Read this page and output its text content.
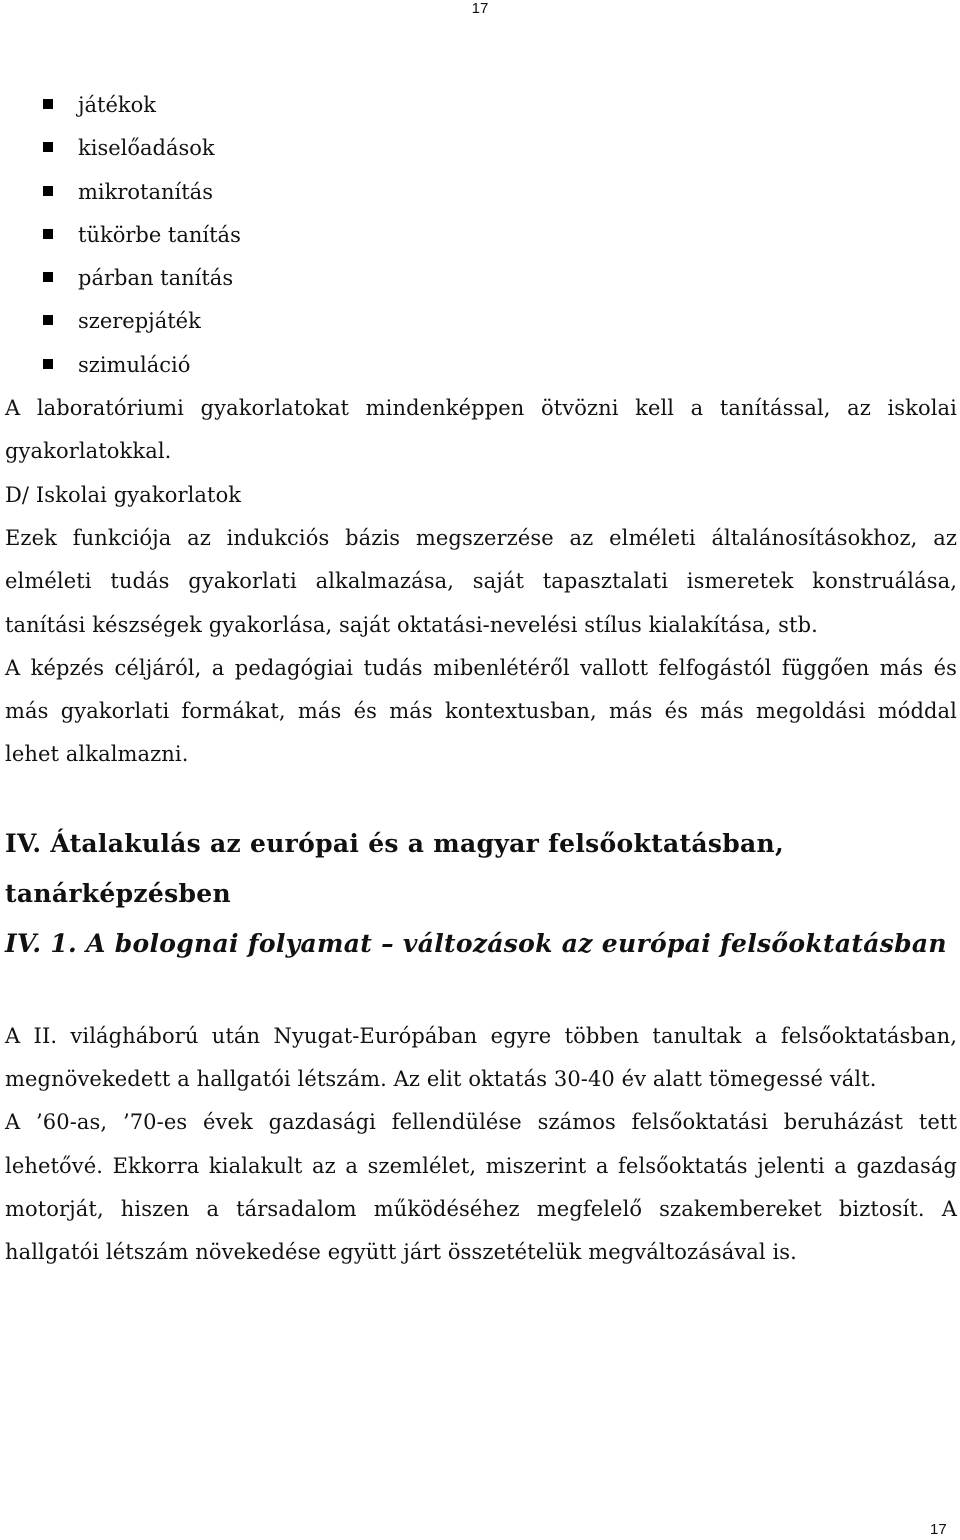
17
játékok
kiselőadások
mikrotanítás
tükörbe tanítás
párban tanítás
szerepjáték
szimuláció

A laboratóriumi gyakorlatokat mindenképpen ötvözni kell a tanítással, az iskolai gyakorlatokkal.

D/ Iskolai gyakorlatok

Ezek funkciója az indukciós bázis megszerzése az elméleti általánosításokhoz, az elméleti tudás gyakorlati alkalmazása, saját tapasztalati ismeretek konstruálása, tanítási készségek gyakorlása, saját oktatási-nevelési stílus kialakítása, stb.

A képzés céljáról, a pedagógiai tudás mibenlétéről vallott felfogástól függően más és más gyakorlati formákat, más és más kontextusban, más és más megoldási móddal lehet alkalmazni.

IV. Átalakulás az európai és a magyar felsőoktatásban, tanárképzésben
IV. 1. A bolognai folyamat – változások az európai felsőoktatásban

A II. világháború után Nyugat-Európában egyre többen tanultak a felsőoktatásban, megnövekedett a hallgatói létszám. Az elit oktatás 30-40 év alatt tömegessé vált.

A ’60-as, ’70-es évek gazdasági fellendülése számos felsőoktatási beruházást tett lehetővé. Ekkorra kialakult az a szemlélet, miszerint a felsőoktatás jelenti a gazdaság motorját, hiszen a társadalom működéséhez megfelelő szakembereket biztosít. A hallgatói létszám növekedése együtt járt összetételük megváltozásával is.

17
